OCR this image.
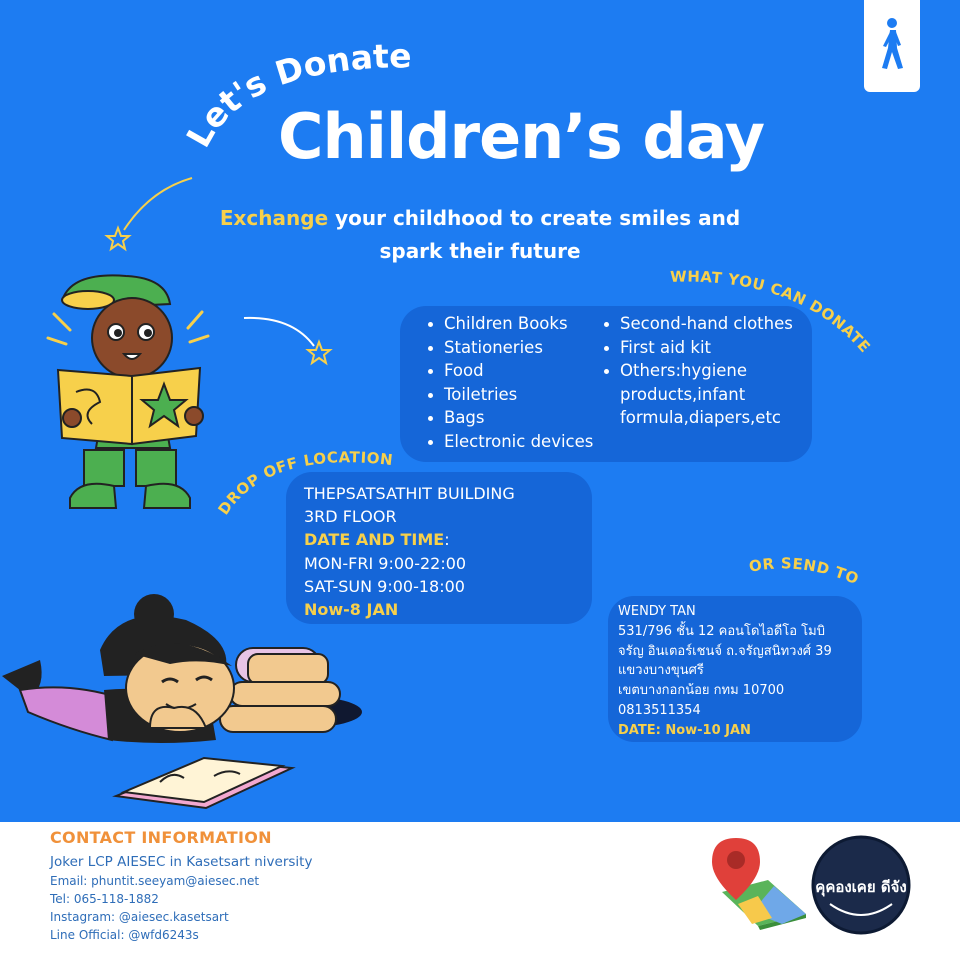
Let's Donate
Children’s day
Exchange your childhood to create smiles and
spark their future
WHAT YOU CAN DONATE
Children Books
Stationeries
Food
Toiletries
Bags
Electronic devices
Second-hand clothes
First aid kit
Others:hygiene products,infant formula,diapers,etc
DROP OFF LOCATION
THEPSATSATHIT BUILDING
3RD FLOOR
DATE AND TIME:
MON-FRI 9:00-22:00
SAT-SUN 9:00-18:00
Now-8 JAN
OR SEND TO
WENDY TAN
531/796 ชั้น 12 คอนโดไอดีโอ โมบิ
จรัญ อินเตอร์เชนจ์ ถ.จรัญสนิทวงศ์ 39
แขวงบางขุนศรี
เขตบางกอกน้อย กทม 10700
0813511354
DATE: Now-10 JAN
CONTACT INFORMATION
Joker LCP AIESEC in Kasetsart niversity
Email: phuntit.seeyam@aiesec.net
Tel: 065-118-1882
Instagram: @aiesec.kasetsart
Line Official: @wfd6243s
คุคองเคย ดีจัง
